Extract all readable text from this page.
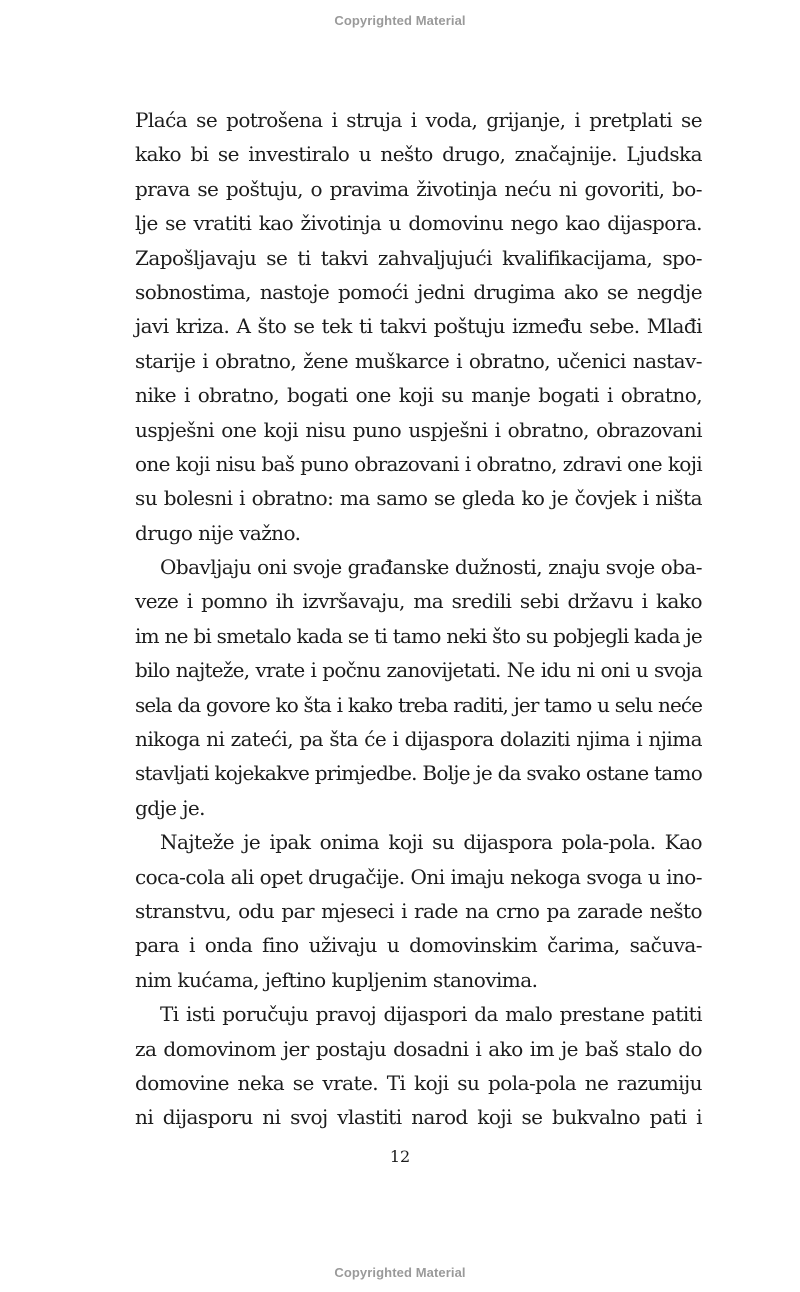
Copyrighted Material
Plaća se potrošena i struja i voda, grijanje, i pretplati se
kako bi se investiralo u nešto drugo, značajnije. Ljudska
prava se poštuju, o pravima životinja neću ni govoriti, bo-
lje se vratiti kao životinja u domovinu nego kao dijaspora.
Zapošljavaju se ti takvi zahvaljujući kvalifikacijama, spo-
sobnostima, nastoje pomoći jedni drugima ako se negdje
javi kriza. A što se tek ti takvi poštuju između sebe. Mlađi
starije i obratno, žene muškarce i obratno, učenici nastav-
nike i obratno, bogati one koji su manje bogati i obratno,
uspješni one koji nisu puno uspješni i obratno, obrazovani
one koji nisu baš puno obrazovani i obratno, zdravi one koji
su bolesni i obratno: ma samo se gleda ko je čovjek i ništa
drugo nije važno.
Obavljaju oni svoje građanske dužnosti, znaju svoje oba-
veze i pomno ih izvršavaju, ma sredili sebi državu i kako
im ne bi smetalo kada se ti tamo neki što su pobjegli kada je
bilo najteže, vrate i počnu zanovijetati. Ne idu ni oni u svoja
sela da govore ko šta i kako treba raditi, jer tamo u selu neće
nikoga ni zateći, pa šta će i dijaspora dolaziti njima i njima
stavljati kojekakve primjedbe. Bolje je da svako ostane tamo
gdje je.
Najteže je ipak onima koji su dijaspora pola-pola. Kao
coca-cola ali opet drugačije. Oni imaju nekoga svoga u ino-
stranstvu, odu par mjeseci i rade na crno pa zarade nešto
para i onda fino uživaju u domovinskim čarima, sačuva-
nim kućama, jeftino kupljenim stanovima.
Ti isti poručuju pravoj dijaspori da malo prestane patiti
za domovinom jer postaju dosadni i ako im je baš stalo do
domovine neka se vrate. Ti koji su pola-pola ne razumiju
ni dijasporu ni svoj vlastiti narod koji se bukvalno pati i
12
Copyrighted Material
